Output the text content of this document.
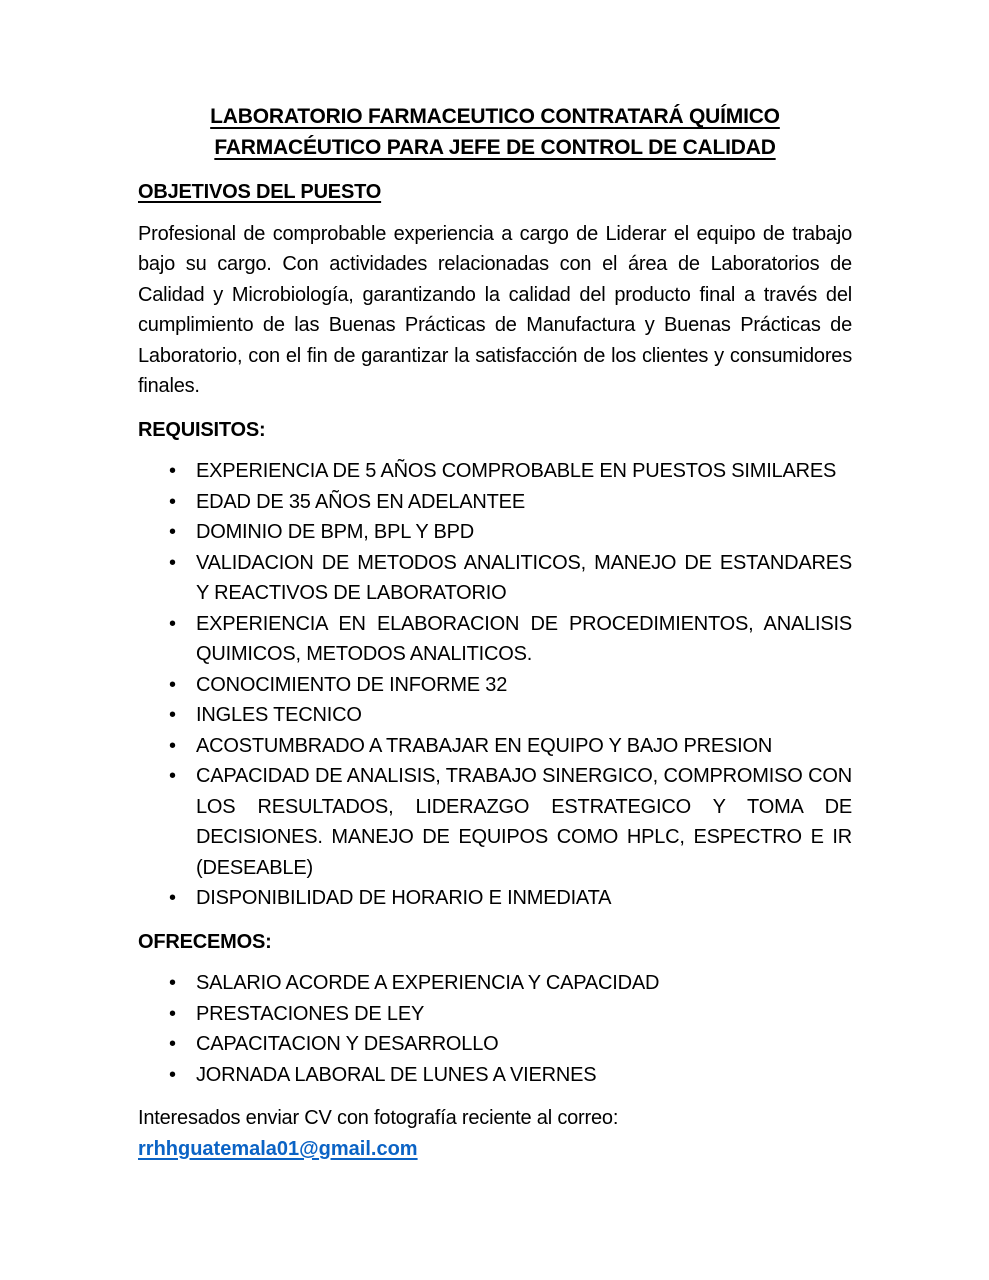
LABORATORIO FARMACEUTICO CONTRATARÁ QUÍMICO FARMACÉUTICO PARA JEFE DE CONTROL DE CALIDAD
OBJETIVOS DEL PUESTO

Profesional de comprobable experiencia a cargo de Liderar el equipo de trabajo bajo su cargo. Con actividades relacionadas con el área de Laboratorios de Calidad y Microbiología, garantizando la calidad del producto final a través del cumplimiento de las Buenas Prácticas de Manufactura y Buenas Prácticas de Laboratorio, con el fin de garantizar la satisfacción de los clientes y consumidores finales.

REQUISITOS:
• EXPERIENCIA DE 5 AÑOS COMPROBABLE EN PUESTOS SIMILARES
• EDAD DE 35 AÑOS EN ADELANTEE
• DOMINIO DE BPM, BPL Y BPD
• VALIDACION DE METODOS ANALITICOS, MANEJO DE ESTANDARES Y REACTIVOS DE LABORATORIO
• EXPERIENCIA EN ELABORACION DE PROCEDIMIENTOS, ANALISIS QUIMICOS, METODOS ANALITICOS.
• CONOCIMIENTO DE INFORME 32
• INGLES TECNICO
• ACOSTUMBRADO A TRABAJAR EN EQUIPO Y BAJO PRESION
• CAPACIDAD DE ANALISIS, TRABAJO SINERGICO, COMPROMISO CON LOS RESULTADOS, LIDERAZGO ESTRATEGICO Y TOMA DE DECISIONES. MANEJO DE EQUIPOS COMO HPLC, ESPECTRO E IR (DESEABLE)
• DISPONIBILIDAD DE HORARIO E INMEDIATA
OFRECEMOS:
• SALARIO ACORDE A EXPERIENCIA Y CAPACIDAD
• PRESTACIONES DE LEY
• CAPACITACION Y DESARROLLO
• JORNADA LABORAL DE LUNES A VIERNES

Interesados enviar CV con fotografía reciente al correo:

rrhhguatemala01@gmail.com
